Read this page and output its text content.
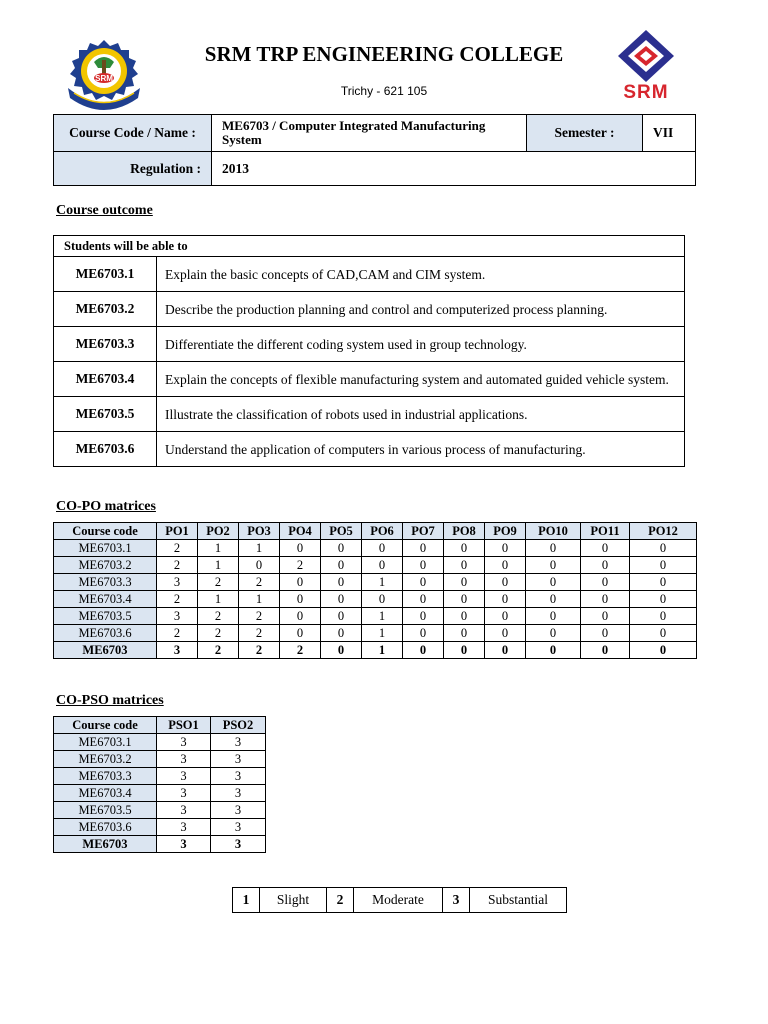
SRM
SRM TRP ENGINEERING COLLEGE
Trichy - 621 105	SRM
Course Code / Name :	ME6703 / Computer Integrated Manufacturing System	Semester :	VII
Regulation :	2013		
Course outcome
Students will be able to	
ME6703.1	Explain the basic concepts of CAD,CAM and CIM system.
ME6703.2	Describe the production planning and control and computerized process planning.
ME6703.3	Differentiate the different coding system used in group technology.
ME6703.4	Explain the concepts of flexible manufacturing system and automated guided vehicle system.
ME6703.5	Illustrate the classification of robots used in industrial applications.
ME6703.6	Understand the application of computers in various process of manufacturing.
CO-PO matrices
Course code	PO1	PO2	PO3	PO4	PO5	PO6	PO7	PO8	PO9	PO10	PO11	PO12
ME6703.1	2	1	1	0	0	0	0	0	0	0	0	0
ME6703.2	2	1	0	2	0	0	0	0	0	0	0	0
ME6703.3	3	2	2	0	0	1	0	0	0	0	0	0
ME6703.4	2	1	1	0	0	0	0	0	0	0	0	0
ME6703.5	3	2	2	0	0	1	0	0	0	0	0	0
ME6703.6	2	2	2	0	0	1	0	0	0	0	0	0
ME6703	3	2	2	2	0	1	0	0	0	0	0	0
CO-PSO matrices
Course code	PSO1	PSO2
ME6703.1	3	3
ME6703.2	3	3
ME6703.3	3	3
ME6703.4	3	3
ME6703.5	3	3
ME6703.6	3	3
ME6703	3	3
1	Slight	2	Moderate	3	Substantial
